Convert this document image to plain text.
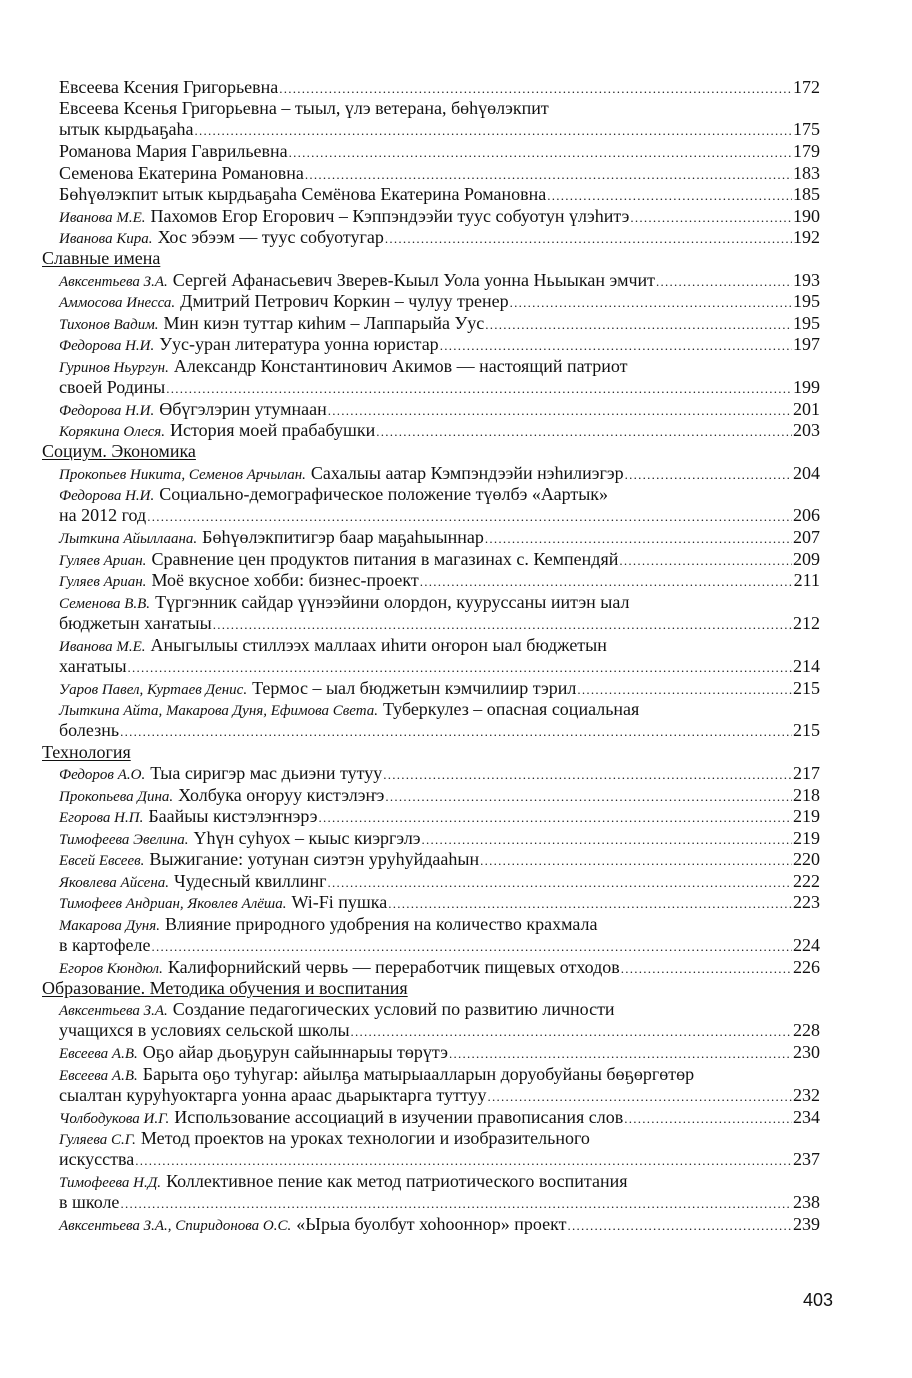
Евсеева Ксения Григорьевна . . .	172
Евсеева Ксенья Григорьевна – тыыл, үлэ ветерана, бөһүөлэкпит
ытык кырдьаҕаһа . . .	175
Романова Мария Гаврильевна . . .	179
Семенова Екатерина Романовна . . .	183
Бөһүөлэкпит ытык кырдьаҕаһа Семёнова Екатерина Романовна . . .	185
Иванова М.Е. Пахомов Егор Егорович – Кэппэндээйи туус собуотун үлэһитэ . . .	190
Иванова Кира. Хос эбээм — туус собуотугар . . .	192
Славные имена
Авксентьева З.А. Сергей Афанасьевич Зверев-Кыыл Уола уонна Ньыыкан эмчит . . .	193
Аммосова Инесса. Дмитрий Петрович Коркин – чулуу тренер . . .	195
Тихонов Вадим. Мин киэн туттар киһим – Лаппарыйа Уус . . .	195
Федорова Н.И. Уус-уран литература уонна юристар . . .	197
Гуринов Ньургун. Александр Константинович Акимов — настоящий патриот
своей Родины . . .	199
Федорова Н.И. Өбүгэлэрин утумнаан . . .	201
Корякина Олеся. История моей прабабушки . . .	203
Социум. Экономика
Прокопьев Никита, Семенов Арчылан. Сахалыы аатар Кэмпэндээйи нэһилиэгэр . . .	204
Федорова Н.И. Социально-демографическое положение түөлбэ «Аартык»
на 2012 год . . .	206
Лыткина Айыллаана. Бөһүөлэкпитигэр баар маҕаһыыннар . . .	207
Гуляев Ариан. Сравнение цен продуктов питания в магазинах с. Кемпендяй . . .	209
Гуляев Ариан. Моё вкусное хобби: бизнес-проект . . .	211
Семенова В.В. Түргэнник сайдар үүнээйини олордон, кууруссаны иитэн ыал
бюджетын хаҥатыы . . .	212
Иванова М.Е. Аныгылыы стиллээх маллаах иһити оҥорон ыал бюджетын
хаҥатыы . . .	214
Уаров Павел, Куртаев Денис. Термос – ыал бюджетын кэмчилиир тэрил . . .	215
Лыткина Айта, Макарова Дуня, Ефимова Света. Туберкулез – опасная социальная
болезнь . . .	215
Технология
Федоров А.О. Тыа сиригэр мас дьиэни тутуу . . .	217
Прокопьева Дина. Холбука оҥоруу кистэлэҥэ . . .	218
Егорова Н.П. Баайыы кистэлэҥнэрэ . . .	219
Тимофеева Эвелина. Үһүн суһуох – кыыс киэргэлэ . . .	219
Евсей Евсеев. Выжигание: уотунан сиэтэн уруһуйдааһын . . .	220
Яковлева Айсена. Чудесный квиллинг . . .	222
Тимофеев Андриан, Яковлев Алёша. Wi-Fi пушка . . .	223
Макарова Дуня. Влияние природного удобрения на количество крахмала
в картофеле . . .	224
Егоров Кюндюл. Калифорнийский червь — переработчик пищевых отходов . . .	226
Образование. Методика обучения и воспитания
Авксентьева З.А. Создание педагогических условий по развитию личности
учащихся в условиях сельской школы . . .	228
Евсеева А.В. Оҕо айар дьоҕурун сайыннарыы төрүтэ . . .	230
Евсеева А.В. Барыта оҕо туһугар: айылҕа матырыаалларын доруобуйаны бөҕөргөтөр
сыалтан куруһуоктарга уонна араас дьарыктарга туттуу . . .	232
Чолбодукова И.Г. Использование ассоциаций в изучении правописания слов . . .	234
Гуляева С.Г. Метод проектов на уроках технологии и изобразительного
искусства . . .	237
Тимофеева Н.Д. Коллективное пение как метод патриотического воспитания
в школе . . .	238
Авксентьева З.А., Спиридонова О.С. «Ырыа буолбут хоһооннор» проект . . .	239
403
